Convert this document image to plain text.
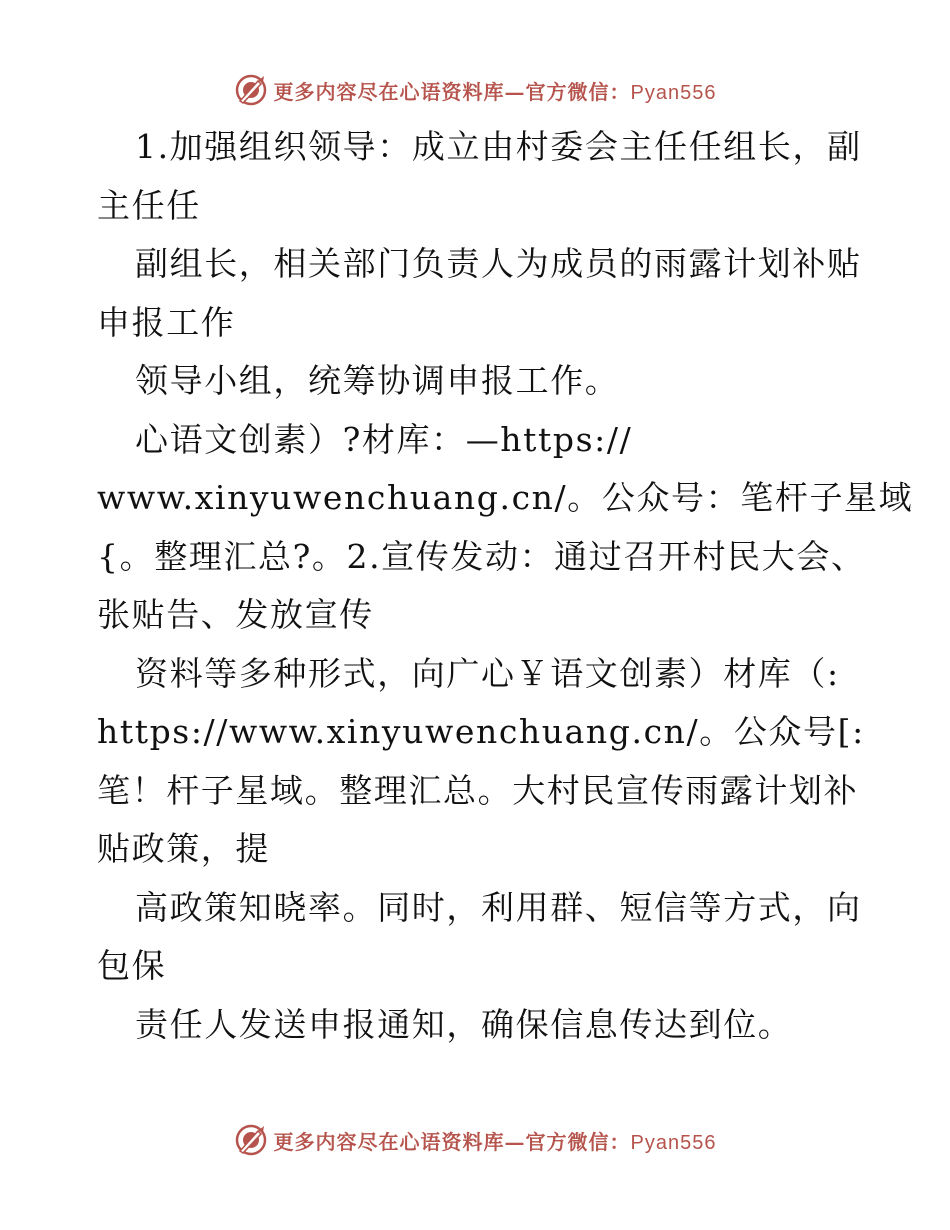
更多内容尽在心语资料库—官方微信：Pyan556
1.加强组织领导：成立由村委会主任任组长，副
主任任
副组长，相关部门负责人为成员的雨露计划补贴
申报工作
领导小组，统筹协调申报工作。
心语文创素）?材库：—https://
www.xinyuwenchuang.cn/。公众号：笔杆子星域
{。整理汇总?。2.宣传发动：通过召开村民大会、
张贴告、发放宣传
资料等多种形式，向广心￥语文创素）材库（:
https://www.xinyuwenchuang.cn/。公众号[:
笔！杆子星域。整理汇总。大村民宣传雨露计划补
贴政策，提
高政策知晓率。同时，利用群、短信等方式，向
包保
责任人发送申报通知，确保信息传达到位。
更多内容尽在心语资料库—官方微信：Pyan556
